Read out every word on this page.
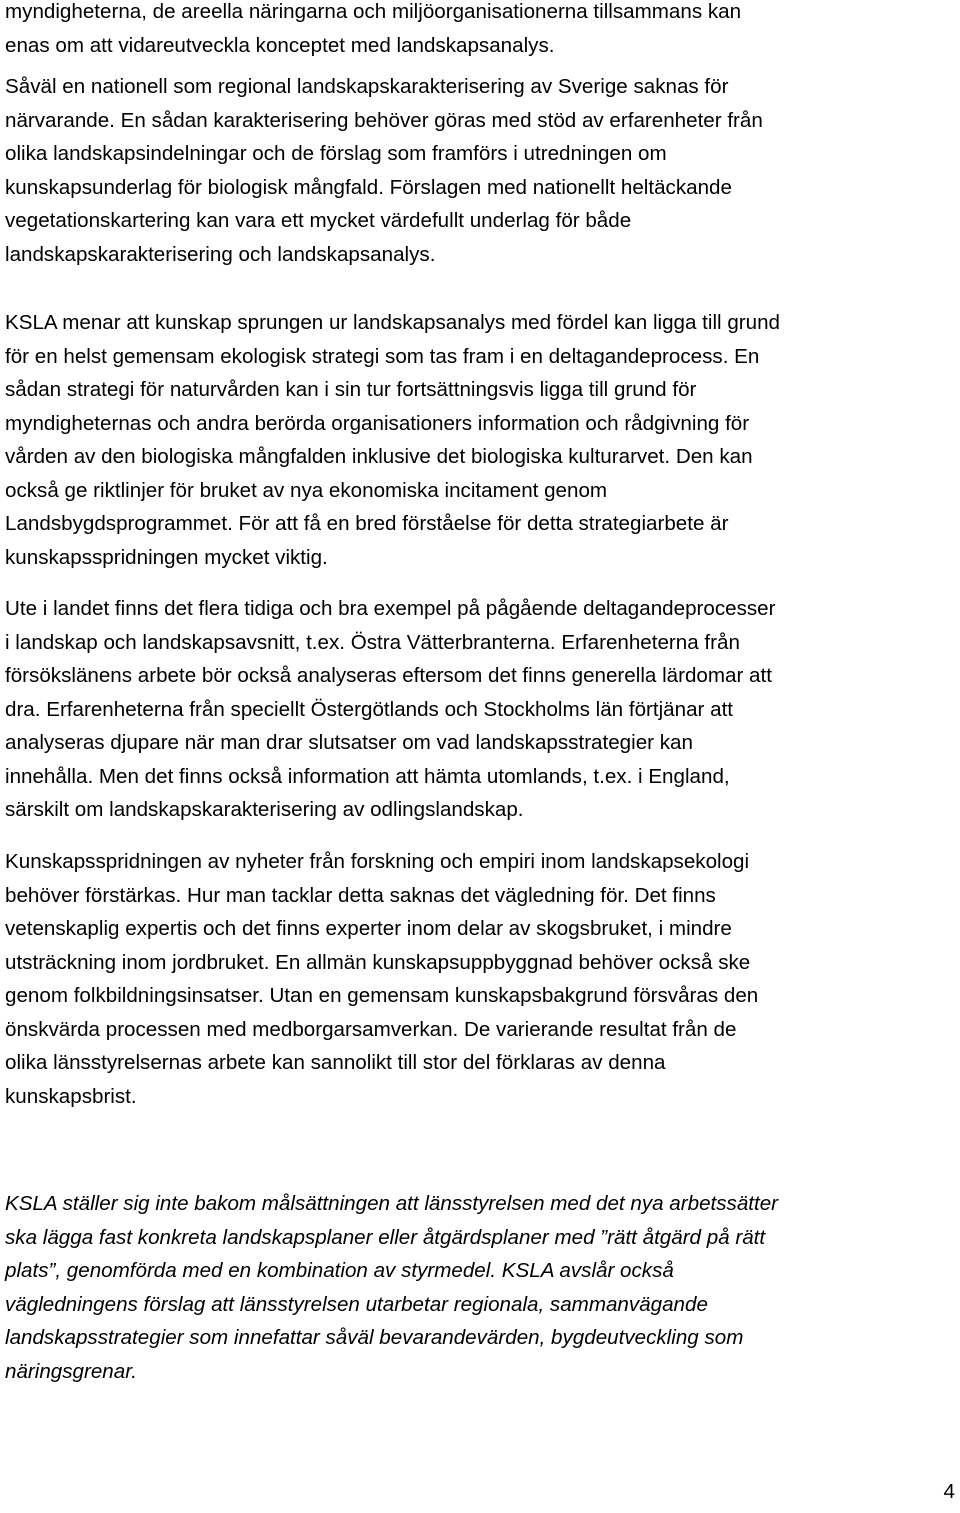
myndigheterna, de areella näringarna och miljöorganisationerna tillsammans kan
enas om att vidareutveckla konceptet med landskapsanalys.

Såväl en nationell som regional landskapskarakterisering av Sverige saknas för
närvarande. En sådan karakterisering behöver göras med stöd av erfarenheter från
olika landskapsindelningar och de förslag som framförs i utredningen om
kunskapsunderlag för biologisk mångfald. Förslagen med nationellt heltäckande
vegetationskartering kan vara ett mycket värdefullt underlag för både
landskapskarakterisering och landskapsanalys.

KSLA menar att kunskap sprungen ur landskapsanalys med fördel kan ligga till grund
för en helst gemensam ekologisk strategi som tas fram i en deltagandeprocess. En
sådan strategi för naturvården kan i sin tur fortsättningsvis ligga till grund för
myndigheternas och andra berörda organisationers information och rådgivning för
vården av den biologiska mångfalden inklusive det biologiska kulturarvet. Den kan
också ge riktlinjer för bruket av nya ekonomiska incitament genom
Landsbygdsprogrammet. För att få en bred förståelse för detta strategiarbete är
kunskapsspridningen mycket viktig.

Ute i landet finns det flera tidiga och bra exempel på pågående deltagandeprocesser
i landskap och landskapsavsnitt, t.ex. Östra Vätterbranterna. Erfarenheterna från
försökslänens arbete bör också analyseras eftersom det finns generella lärdomar att
dra. Erfarenheterna från speciellt Östergötlands och Stockholms län förtjänar att
analyseras djupare när man drar slutsatser om vad landskapsstrategier kan
innehålla. Men det finns också information att hämta utomlands, t.ex. i England,
särskilt om landskapskarakterisering av odlingslandskap.

Kunskapsspridningen av nyheter från forskning och empiri inom landskapsekologi
behöver förstärkas. Hur man tacklar detta saknas det vägledning för. Det finns
vetenskaplig expertis och det finns experter inom delar av skogsbruket, i mindre
utsträckning inom jordbruket. En allmän kunskapsuppbyggnad behöver också ske
genom folkbildningsinsatser. Utan en gemensam kunskapsbakgrund försvåras den
önskvärda processen med medborgarsamverkan. De varierande resultat från de
olika länsstyrelsernas arbete kan sannolikt till stor del förklaras av denna
kunskapsbrist.

KSLA ställer sig inte bakom målsättningen att länsstyrelsen med det nya arbetssätter
ska lägga fast konkreta landskapsplaner eller åtgärdsplaner med ”rätt åtgärd på rätt
plats”, genomförda med en kombination av styrmedel. KSLA avslår också
vägledningens förslag att länsstyrelsen utarbetar regionala, sammanvägande
landskapsstrategier som innefattar såväl bevarandevärden, bygdeutveckling som
näringsgrenar.

4
